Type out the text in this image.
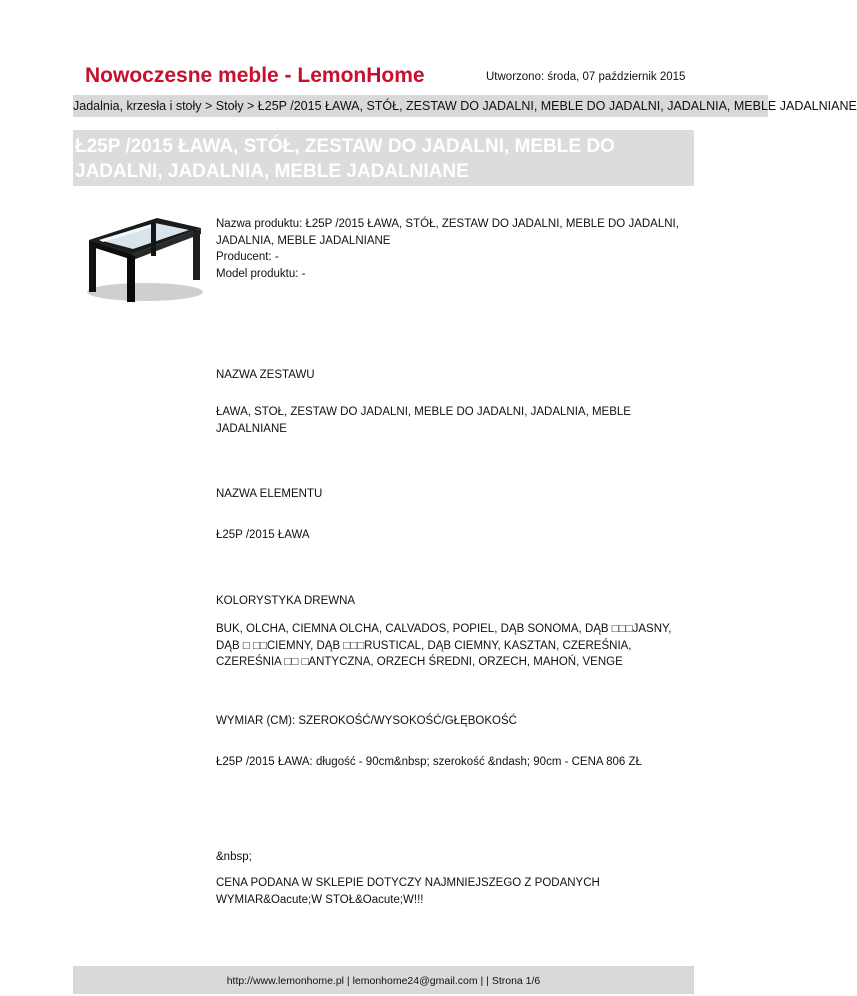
Nowoczesne meble - LemonHome	Utworzono: środa, 07 październik 2015
Jadalnia, krzesła i stoły > Stoły > Ł25P /2015 ŁAWA, STÓŁ, ZESTAW DO JADALNI, MEBLE DO JADALNI, JADALNIA, MEBLE JADALNIANE
Ł25P /2015 ŁAWA, STÓŁ, ZESTAW DO JADALNI, MEBLE DO JADALNI, JADALNIA, MEBLE JADALNIANE

Nazwa produktu: Ł25P /2015 ŁAWA, STÓŁ, ZESTAW DO JADALNI, MEBLE DO JADALNI, JADALNIA, MEBLE JADALNIANE

Producent: -

Model produktu: -

NAZWA ZESTAWU

ŁAWA, STOŁ, ZESTAW DO JADALNI, MEBLE DO JADALNI, JADALNIA, MEBLE JADALNIANE

NAZWA ELEMENTU

Ł25P /2015 ŁAWA

KOLORYSTYKA DREWNA

BUK, OLCHA, CIEMNA OLCHA, CALVADOS, POPIEL, DĄB SONOMA, DĄB □□□JASNY, DĄB □ □□CIEMNY, DĄB □□□RUSTICAL, DĄB CIEMNY, KASZTAN, CZEREŚNIA, CZEREŚNIA □□ □ANTYCZNA, ORZECH ŚREDNI, ORZECH, MAHOŃ, VENGE

WYMIAR (CM): SZEROKOŚĆ/WYSOKOŚĆ/GŁĘBOKOŚĆ

Ł25P /2015 ŁAWA: długość - 90cm&nbsp; szerokość &ndash; 90cm - CENA 806 ZŁ

&nbsp;

CENA PODANA W SKLEPIE DOTYCZY NAJMNIEJSZEGO Z PODANYCH WYMIAR&Oacute;W STOŁ&Oacute;W!!!

http://www.lemonhome.pl | lemonhome24@gmail.com | | Strona 1/6
